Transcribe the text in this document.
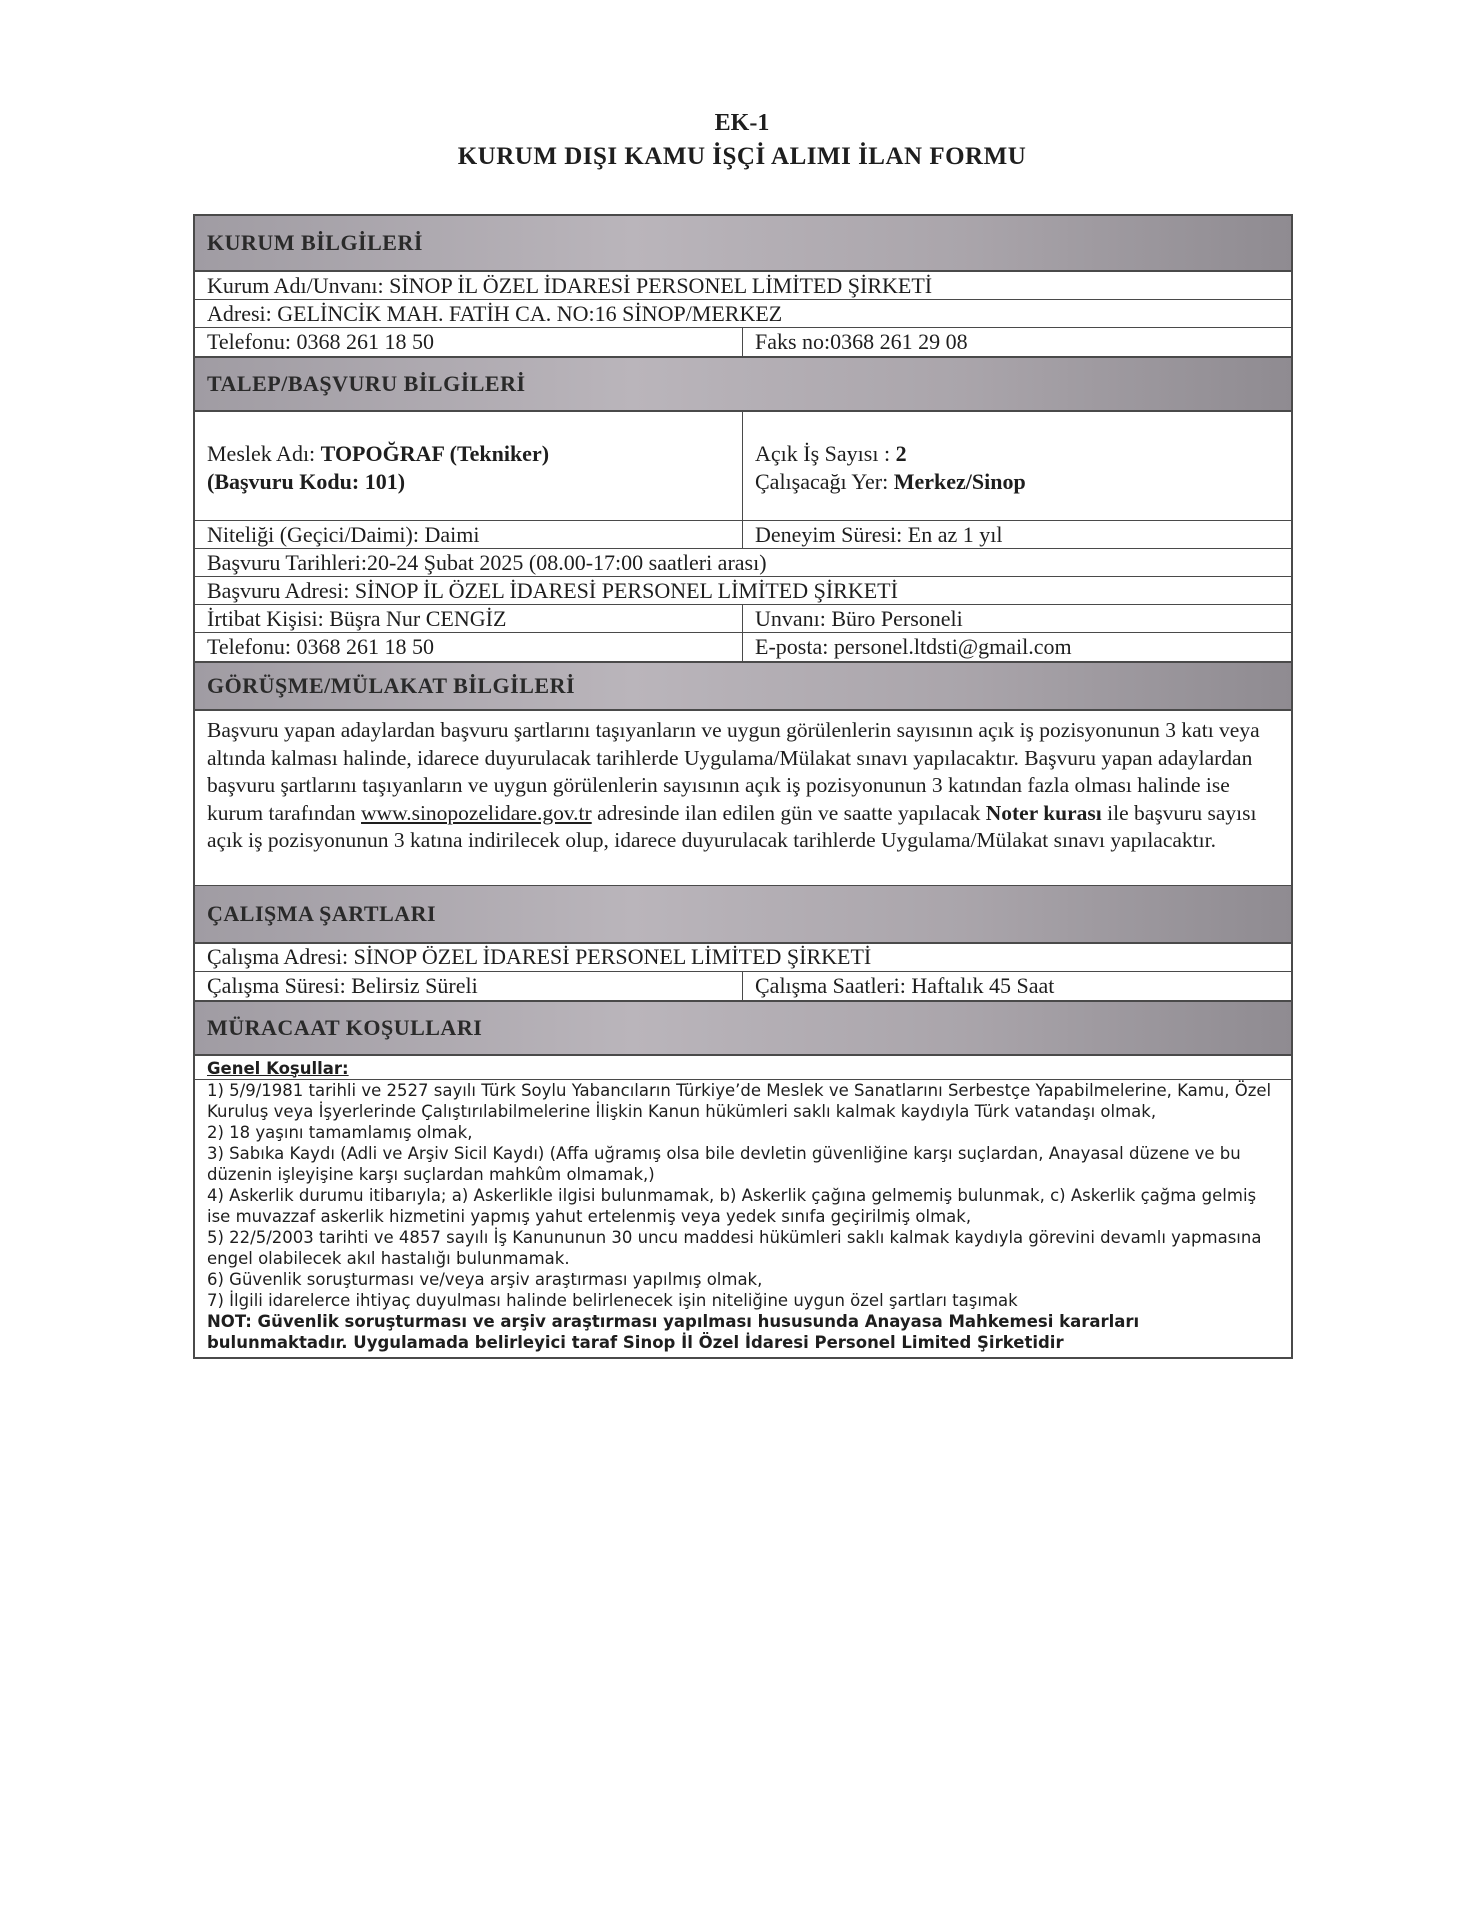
EK-1
KURUM DIŞI KAMU İŞÇİ ALIMI İLAN FORMU
KURUM BİLGİLERİ
Kurum Adı/Unvanı: SİNOP İL ÖZEL İDARESİ PERSONEL LİMİTED ŞİRKETİ
Adresi: GELİNCİK MAH. FATİH CA. NO:16 SİNOP/MERKEZ
Telefonu: 0368 261 18 50	Faks no:0368 261 29 08
TALEP/BAŞVURU BİLGİLERİ
Meslek Adı: TOPOĞRAF (Tekniker)
(Başvuru Kodu: 101)
Açık İş Sayısı : 2
Çalışacağı Yer: Merkez/Sinop
Niteliği (Geçici/Daimi): Daimi	Deneyim Süresi: En az 1 yıl
Başvuru Tarihleri:20-24 Şubat 2025 (08.00-17:00 saatleri arası)
Başvuru Adresi: SİNOP İL ÖZEL İDARESİ PERSONEL LİMİTED ŞİRKETİ
İrtibat Kişisi: Büşra Nur CENGİZ	Unvanı: Büro Personeli
Telefonu: 0368 261 18 50	E-posta: personel.ltdsti@gmail.com
GÖRÜŞME/MÜLAKAT BİLGİLERİ
Başvuru yapan adaylardan başvuru şartlarını taşıyanların ve uygun görülenlerin sayısının açık iş pozisyonunun 3 katı veya altında kalması halinde, idarece duyurulacak tarihlerde Uygulama/Mülakat sınavı yapılacaktır. Başvuru yapan adaylardan başvuru şartlarını taşıyanların ve uygun görülenlerin sayısının açık iş pozisyonunun 3 katından fazla olması halinde ise kurum tarafından www.sinopozelidare.gov.tr adresinde ilan edilen gün ve saatte yapılacak Noter kurası ile başvuru sayısı açık iş pozisyonunun 3 katına indirilecek olup, idarece duyurulacak tarihlerde Uygulama/Mülakat sınavı yapılacaktır.
ÇALIŞMA ŞARTLARI
Çalışma Adresi: SİNOP ÖZEL İDARESİ PERSONEL LİMİTED ŞİRKETİ
Çalışma Süresi: Belirsiz Süreli	Çalışma Saatleri: Haftalık 45 Saat
MÜRACAAT KOŞULLARI
Genel Koşullar:
1) 5/9/1981 tarihli ve 2527 sayılı Türk Soylu Yabancıların Türkiye’de Meslek ve Sanatlarını Serbestçe Yapabilmelerine, Kamu, Özel Kuruluş veya İşyerlerinde Çalıştırılabilmelerine İlişkin Kanun hükümleri saklı kalmak kaydıyla Türk vatandaşı olmak,
2) 18 yaşını tamamlamış olmak,
3) Sabıka Kaydı (Adli ve Arşiv Sicil Kaydı) (Affa uğramış olsa bile devletin güvenliğine karşı suçlardan, Anayasal düzene ve bu düzenin işleyişine karşı suçlardan mahkûm olmamak,)
4) Askerlik durumu itibarıyla; a) Askerlikle ilgisi bulunmamak, b) Askerlik çağına gelmemiş bulunmak, c) Askerlik çağma gelmiş ise muvazzaf askerlik hizmetini yapmış yahut ertelenmiş veya yedek sınıfa geçirilmiş olmak,
5) 22/5/2003 tarihti ve 4857 sayılı İş Kanununun 30 uncu maddesi hükümleri saklı kalmak kaydıyla görevini devamlı yapmasına engel olabilecek akıl hastalığı bulunmamak.
6) Güvenlik soruşturması ve/veya arşiv araştırması yapılmış olmak,
7) İlgili idarelerce ihtiyaç duyulması halinde belirlenecek işin niteliğine uygun özel şartları taşımak
NOT: Güvenlik soruşturması ve arşiv araştırması yapılması hususunda Anayasa Mahkemesi kararları bulunmaktadır. Uygulamada belirleyici taraf Sinop İl Özel İdaresi Personel Limited Şirketidir
